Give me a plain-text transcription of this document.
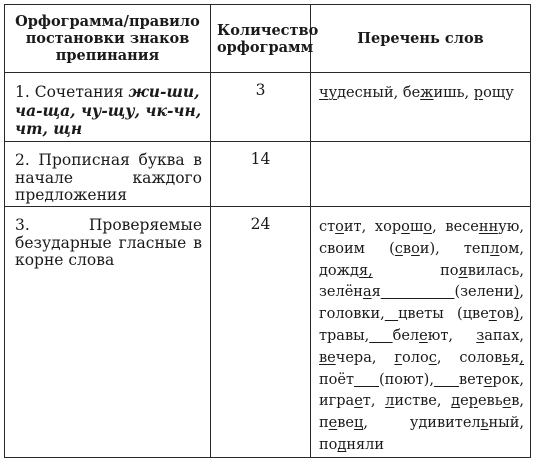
Орфограмма/правило постановки знаков препинания	Количество орфограмм	Перечень слов

1. Сочетания жи-ши, ча-ща, чу-щу, чк-чн, чт, щн	3	чудесный, бежишь, рощу

2. Прописная буква в начале каждого предложения	14	

3. Проверяемые безударные гласные в корне слова	24	стоит, хорошо, весенную, своим (свои), теплом, дождя, появилась, зелёная (зелени), головки, цветы (цветов), травы, белеют, запах, вечера, голос, соловья, поёт (поют), ветерок, играет, листве, деревьев, певец, удивительный, подняли
